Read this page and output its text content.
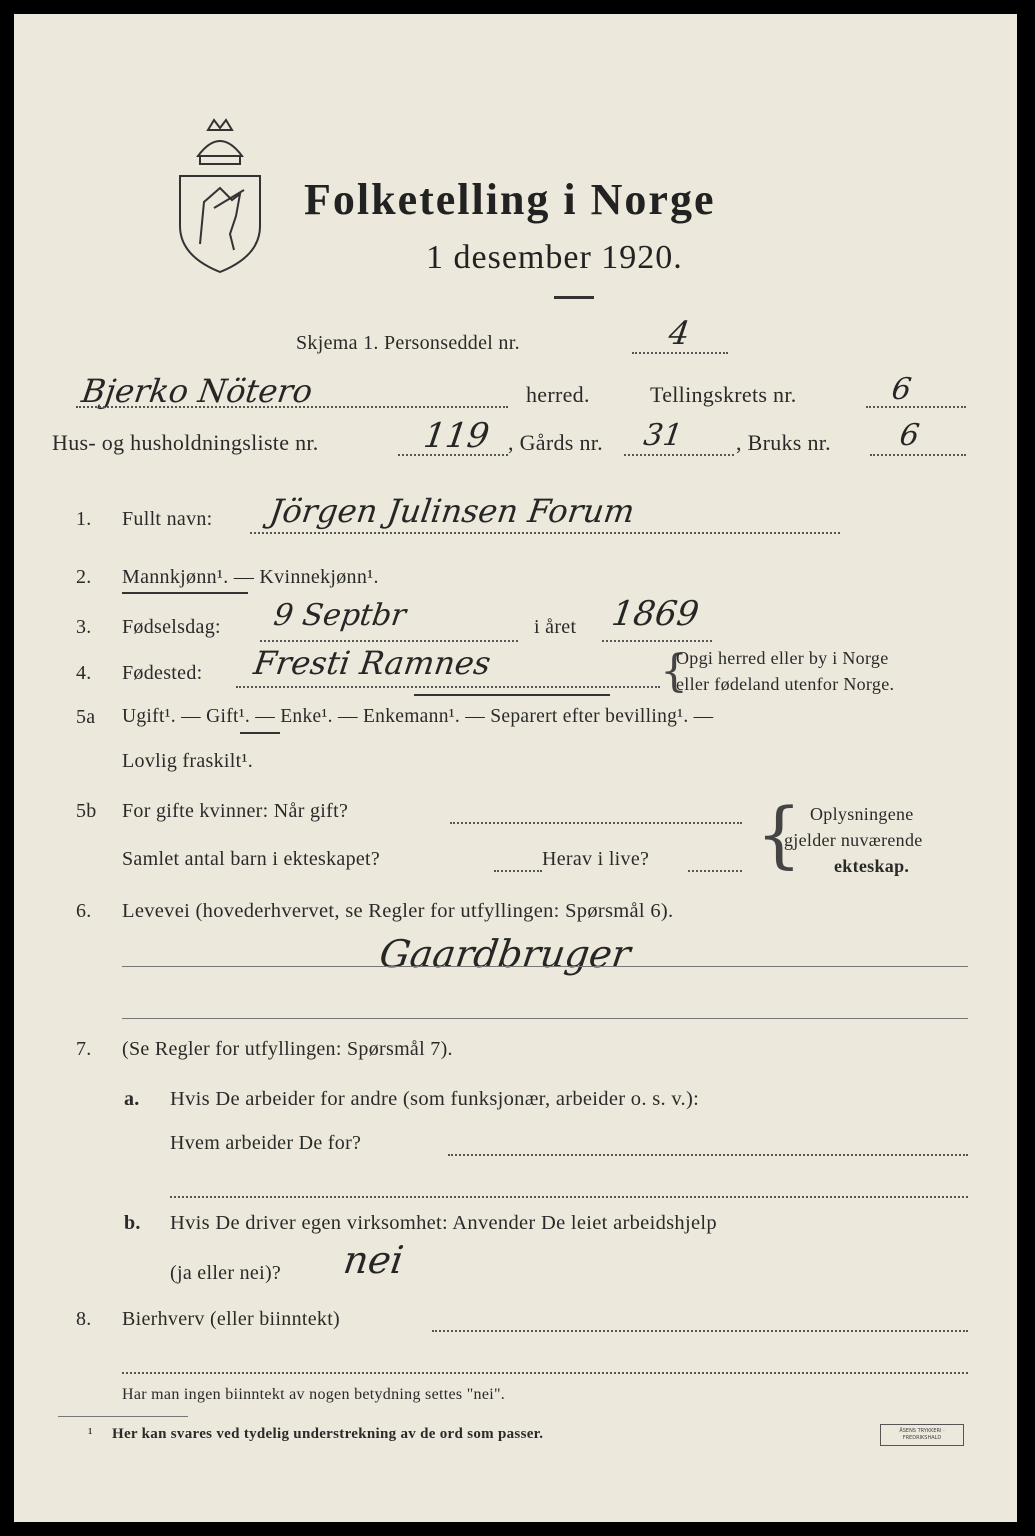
Folketelling i Norge
1 desember 1920.
Skjema 1. Personseddel nr.	4
Bjerko Nötero	herred.	Tellingskrets nr.	6
Hus- og husholdningsliste nr.	119 , Gårds nr. 31 , Bruks nr. 6
1. Fullt navn: Jörgen Julinsen Forum
2. Mannkjønn¹. — Kvinnekjønn¹.
3. Fødselsdag: 9 Septbr	i året 1869
4. Fødested: Fresti Ramnes	{
Opgi herred eller by i Norge
eller fødeland utenfor Norge.
5a Ugift¹. — Gift¹. — Enke¹. — Enkemann¹. — Separert efter bevilling¹. —
Lovlig fraskilt¹.
5b For gifte kvinner: Når gift?
Samlet antal barn i ekteskapet?	Herav i live? { Oplysningene
gjelder nuværende
ekteskap.
6. Levevei (hovederhvervet, se Regler for utfyllingen: Spørsmål 6).
Gaardbruger
7. (Se Regler for utfyllingen: Spørsmål 7).
a. Hvis De arbeider for andre (som funksjonær, arbeider o. s. v.):
Hvem arbeider De for?
b. Hvis De driver egen virksomhet: Anvender De leiet arbeidshjelp
(ja eller nei)? nei
8. Bierhverv (eller biinntekt)
Har man ingen biinntekt av nogen betydning settes "nei".
¹ Her kan svares ved tydelig understrekning av de ord som passer.	ÅSENS TRYKKERI · FREDRIKSHALD
